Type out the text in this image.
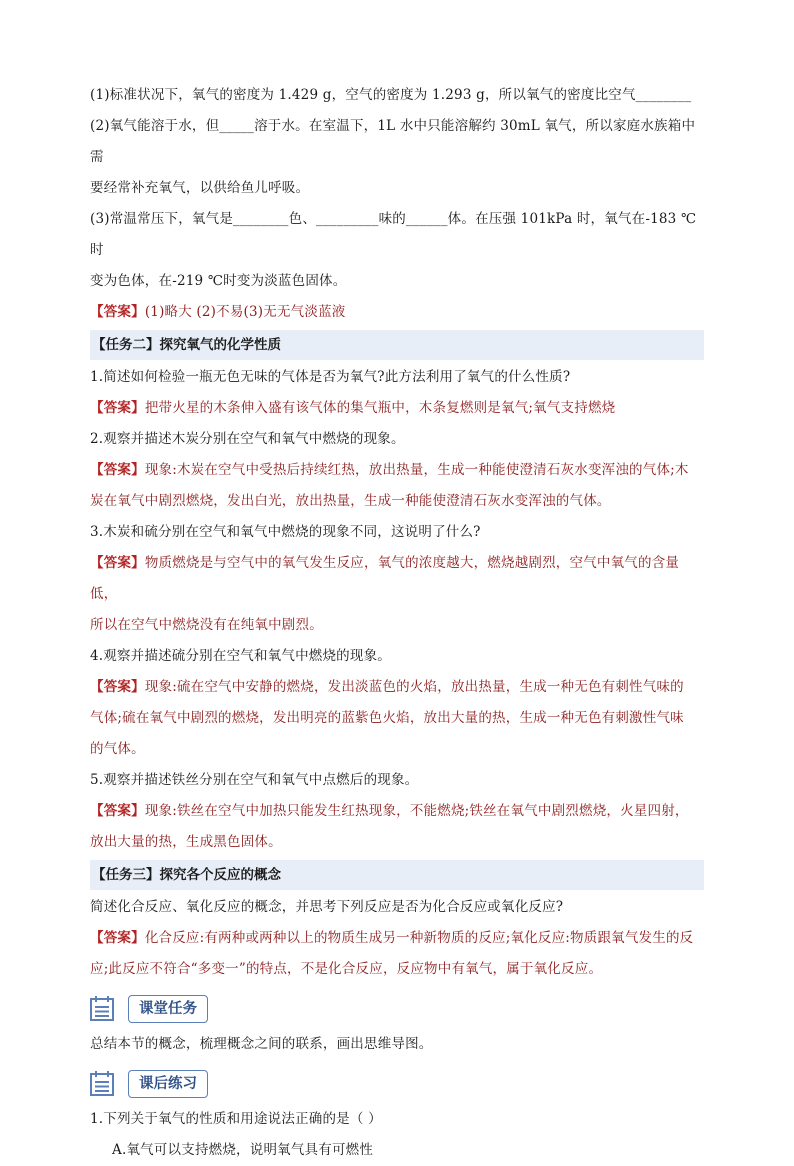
(1)标准状况下，氧气的密度为 1.429 g，空气的密度为 1.293 g，所以氧气的密度比空气________

(2)氧气能溶于水，但_____溶于水。在室温下，1L 水中只能溶解约 30mL 氧气，所以家庭水族箱中需

要经常补充氧气，以供给鱼儿呼吸。

(3)常温常压下，氧气是________色、_________味的______体。在压强 101kPa 时，氧气在-183 ℃时

变为色体，在-219 ℃时变为淡蓝色固体。

【答案】(1)略大 (2)不易(3)无无气淡蓝液

【任务二】探究氧气的化学性质

1.简述如何检验一瓶无色无味的气体是否为氧气?此方法利用了氧气的什么性质?

【答案】把带火星的木条伸入盛有该气体的集气瓶中，木条复燃则是氧气;氧气支持燃烧

2.观察并描述木炭分别在空气和氧气中燃烧的现象。

【答案】现象:木炭在空气中受热后持续红热，放出热量，生成一种能使澄清石灰水变浑浊的气体;木

炭在氧气中剧烈燃烧，发出白光，放出热量，生成一种能使澄清石灰水变浑浊的气体。

3.木炭和硫分别在空气和氧气中燃烧的现象不同，这说明了什么?

【答案】物质燃烧是与空气中的氧气发生反应，氧气的浓度越大，燃烧越剧烈，空气中氧气的含量低，

所以在空气中燃烧没有在纯氧中剧烈。

4.观察并描述硫分别在空气和氧气中燃烧的现象。

【答案】现象:硫在空气中安静的燃烧，发出淡蓝色的火焰，放出热量，生成一种无色有刺性气味的

气体;硫在氧气中剧烈的燃烧，发出明亮的蓝紫色火焰，放出大量的热，生成一种无色有刺激性气味

的气体。

5.观察并描述铁丝分别在空气和氧气中点燃后的现象。

【答案】现象:铁丝在空气中加热只能发生红热现象，不能燃烧;铁丝在氧气中剧烈燃烧，火星四射，

放出大量的热，生成黑色固体。

【任务三】探究各个反应的概念

简述化合反应、氧化反应的概念，并思考下列反应是否为化合反应或氧化反应?

【答案】化合反应:有两种或两种以上的物质生成另一种新物质的反应;氧化反应:物质跟氧气发生的反

应;此反应不符合“多变一”的特点，不是化合反应，反应物中有氧气，属于氧化反应。

课堂任务

总结本节的概念，梳理概念之间的联系，画出思维导图。

课后练习

1.下列关于氧气的性质和用途说法正确的是（ ）

A.氧气可以支持燃烧，说明氧气具有可燃性
